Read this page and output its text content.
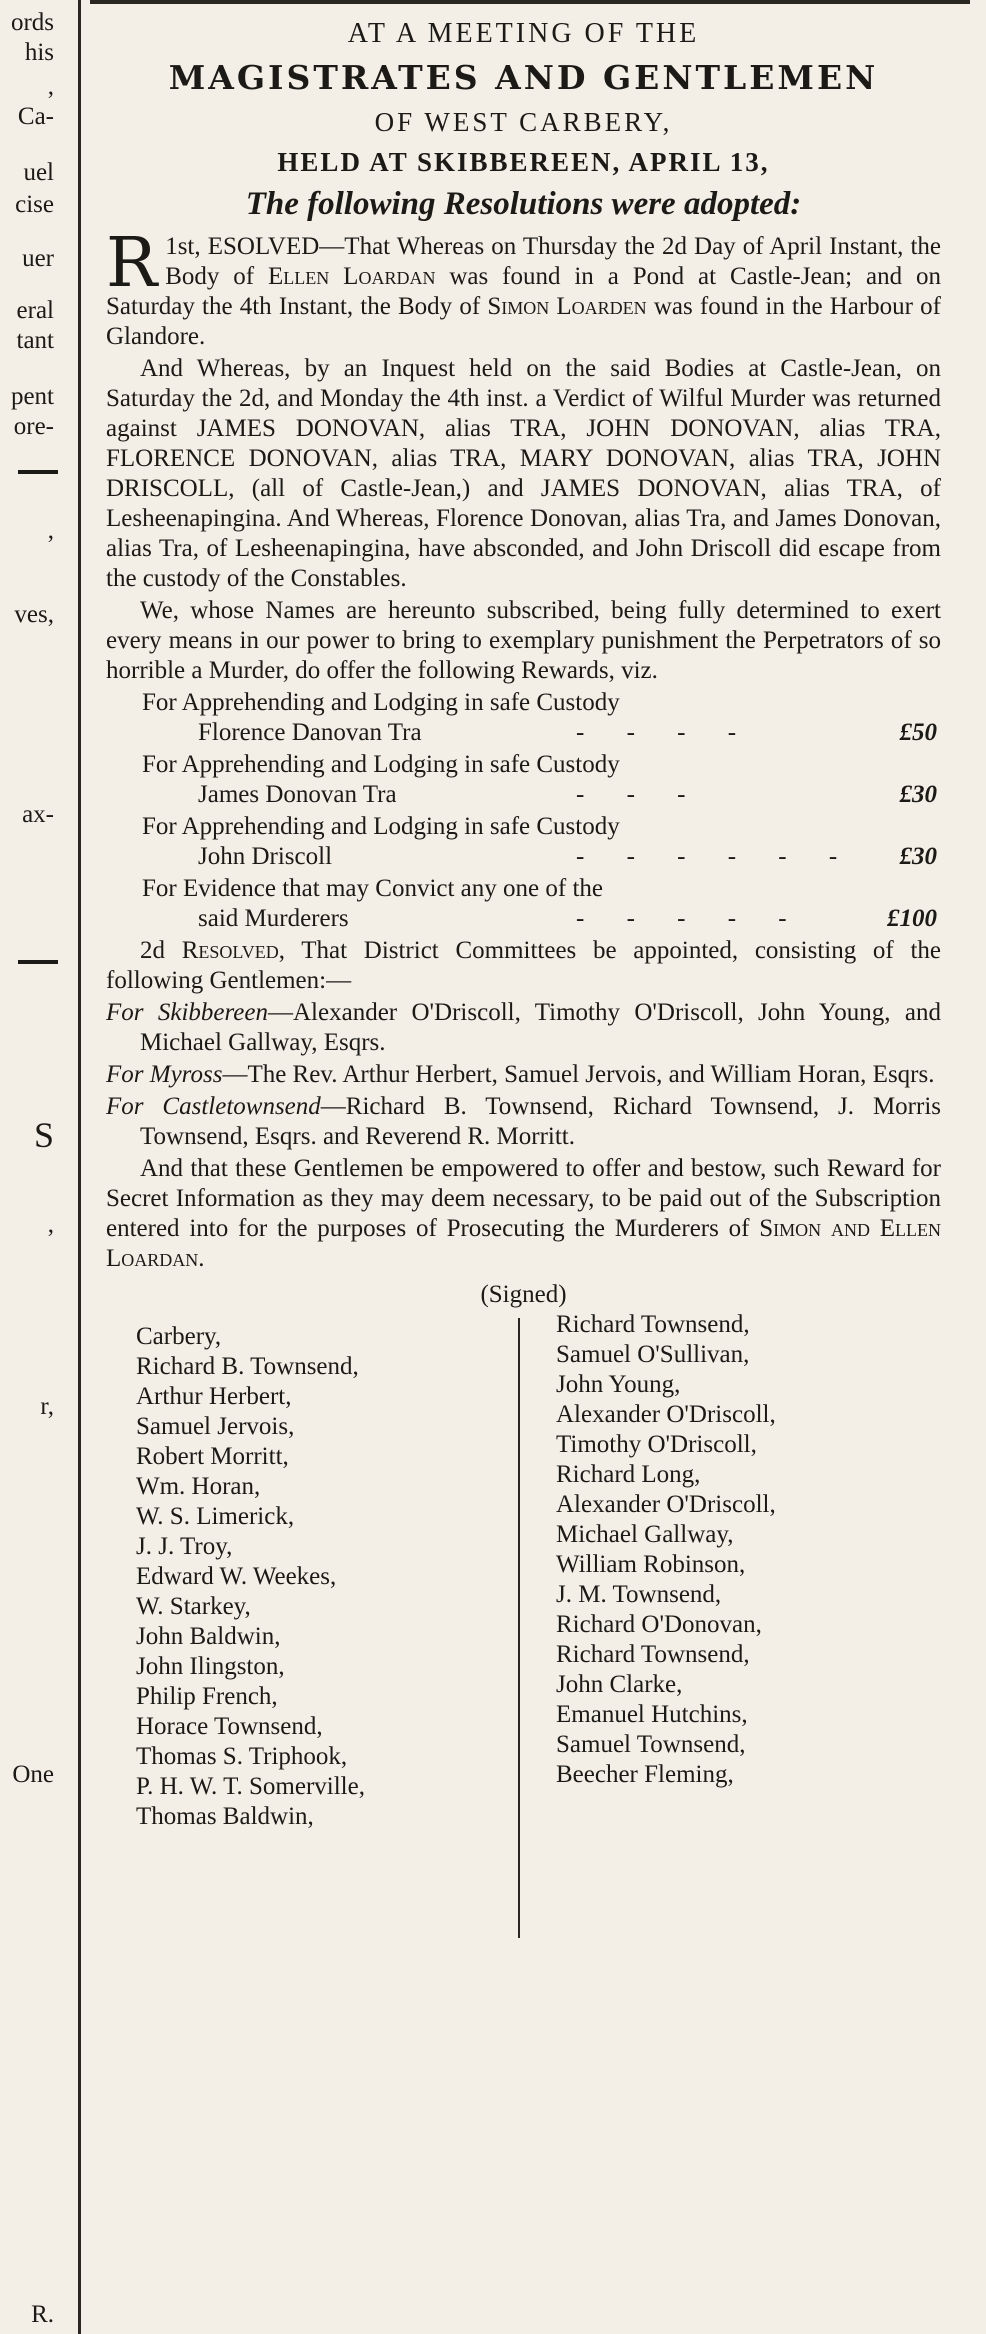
ords
his
,
Ca-
uel
cise
uer
eral
tant
pent
ore-
,
ves,
ax-
S
,
r,
One
R.
AT A MEETING OF THE
MAGISTRATES AND GENTLEMEN
OF WEST CARBERY,
HELD AT SKIBBEREEN, APRIL 13,
The following Resolutions were adopted:
1st,
R ESOLVED—That Whereas on Thursday the 2d Day of April Instant, the Body of Ellen Loardan was found in a Pond at Castle-Jean; and on Saturday the 4th Instant, the Body of Simon Loarden was found in the Harbour of Glandore.
And Whereas, by an Inquest held on the said Bodies at Castle-Jean, on Saturday the 2d, and Monday the 4th inst. a Verdict of Wilful Murder was returned against JAMES DONOVAN, alias TRA, JOHN DONOVAN, alias TRA, FLORENCE DONOVAN, alias TRA, MARY DONOVAN, alias TRA, JOHN DRISCOLL, (all of Castle-Jean,) and JAMES DONOVAN, alias TRA, of Lesheenapingina. And Whereas, Florence Donovan, alias Tra, and James Donovan, alias Tra, of Lesheenapingina, have absconded, and John Driscoll did escape from the custody of the Constables.
We, whose Names are hereunto subscribed, being fully determined to exert every means in our power to bring to exemplary punishment the Perpetrators of so horrible a Murder, do offer the following Rewards, viz.
For Apprehending and Lodging in safe Custody
Florence Danovan Tra	- - - -	£50
For Apprehending and Lodging in safe Custody
James Donovan Tra	- - -	£30
For Apprehending and Lodging in safe Custody
John Driscoll	- - - - - - £30
For Evidence that may Convict any one of the
said Murderers	- - - - -	£100
2d Resolved, That District Committees be appointed, consisting of the following Gentlemen:—
For Skibbereen—Alexander O'Driscoll, Timothy O'Driscoll, John Young, and Michael Gallway, Esqrs.
For Myross—The Rev. Arthur Herbert, Samuel Jervois, and William Horan, Esqrs.
For Castletownsend—Richard B. Townsend, Richard Townsend, J. Morris Townsend, Esqrs. and Reverend R. Morritt.
And that these Gentlemen be empowered to offer and bestow, such Reward for Secret Information as they may deem necessary, to be paid out of the Subscription entered into for the purposes of Prosecuting the Murderers of Simon and Ellen Loardan.
(Signed)
Carbery,
Richard B. Townsend,
Arthur Herbert,
Samuel Jervois,
Robert Morritt,
Wm. Horan,
W. S. Limerick,
J. J. Troy,
Edward W. Weekes,
W. Starkey,
John Baldwin,
John Ilingston,
Philip French,
Horace Townsend,
Thomas S. Triphook,
P. H. W. T. Somerville,
Thomas Baldwin,
Richard Townsend,
Samuel O'Sullivan,
John Young,
Alexander O'Driscoll,
Timothy O'Driscoll,
Richard Long,
Alexander O'Driscoll,
Michael Gallway,
William Robinson,
J. M. Townsend,
Richard O'Donovan,
Richard Townsend,
John Clarke,
Emanuel Hutchins,
Samuel Townsend,
Beecher Fleming,
